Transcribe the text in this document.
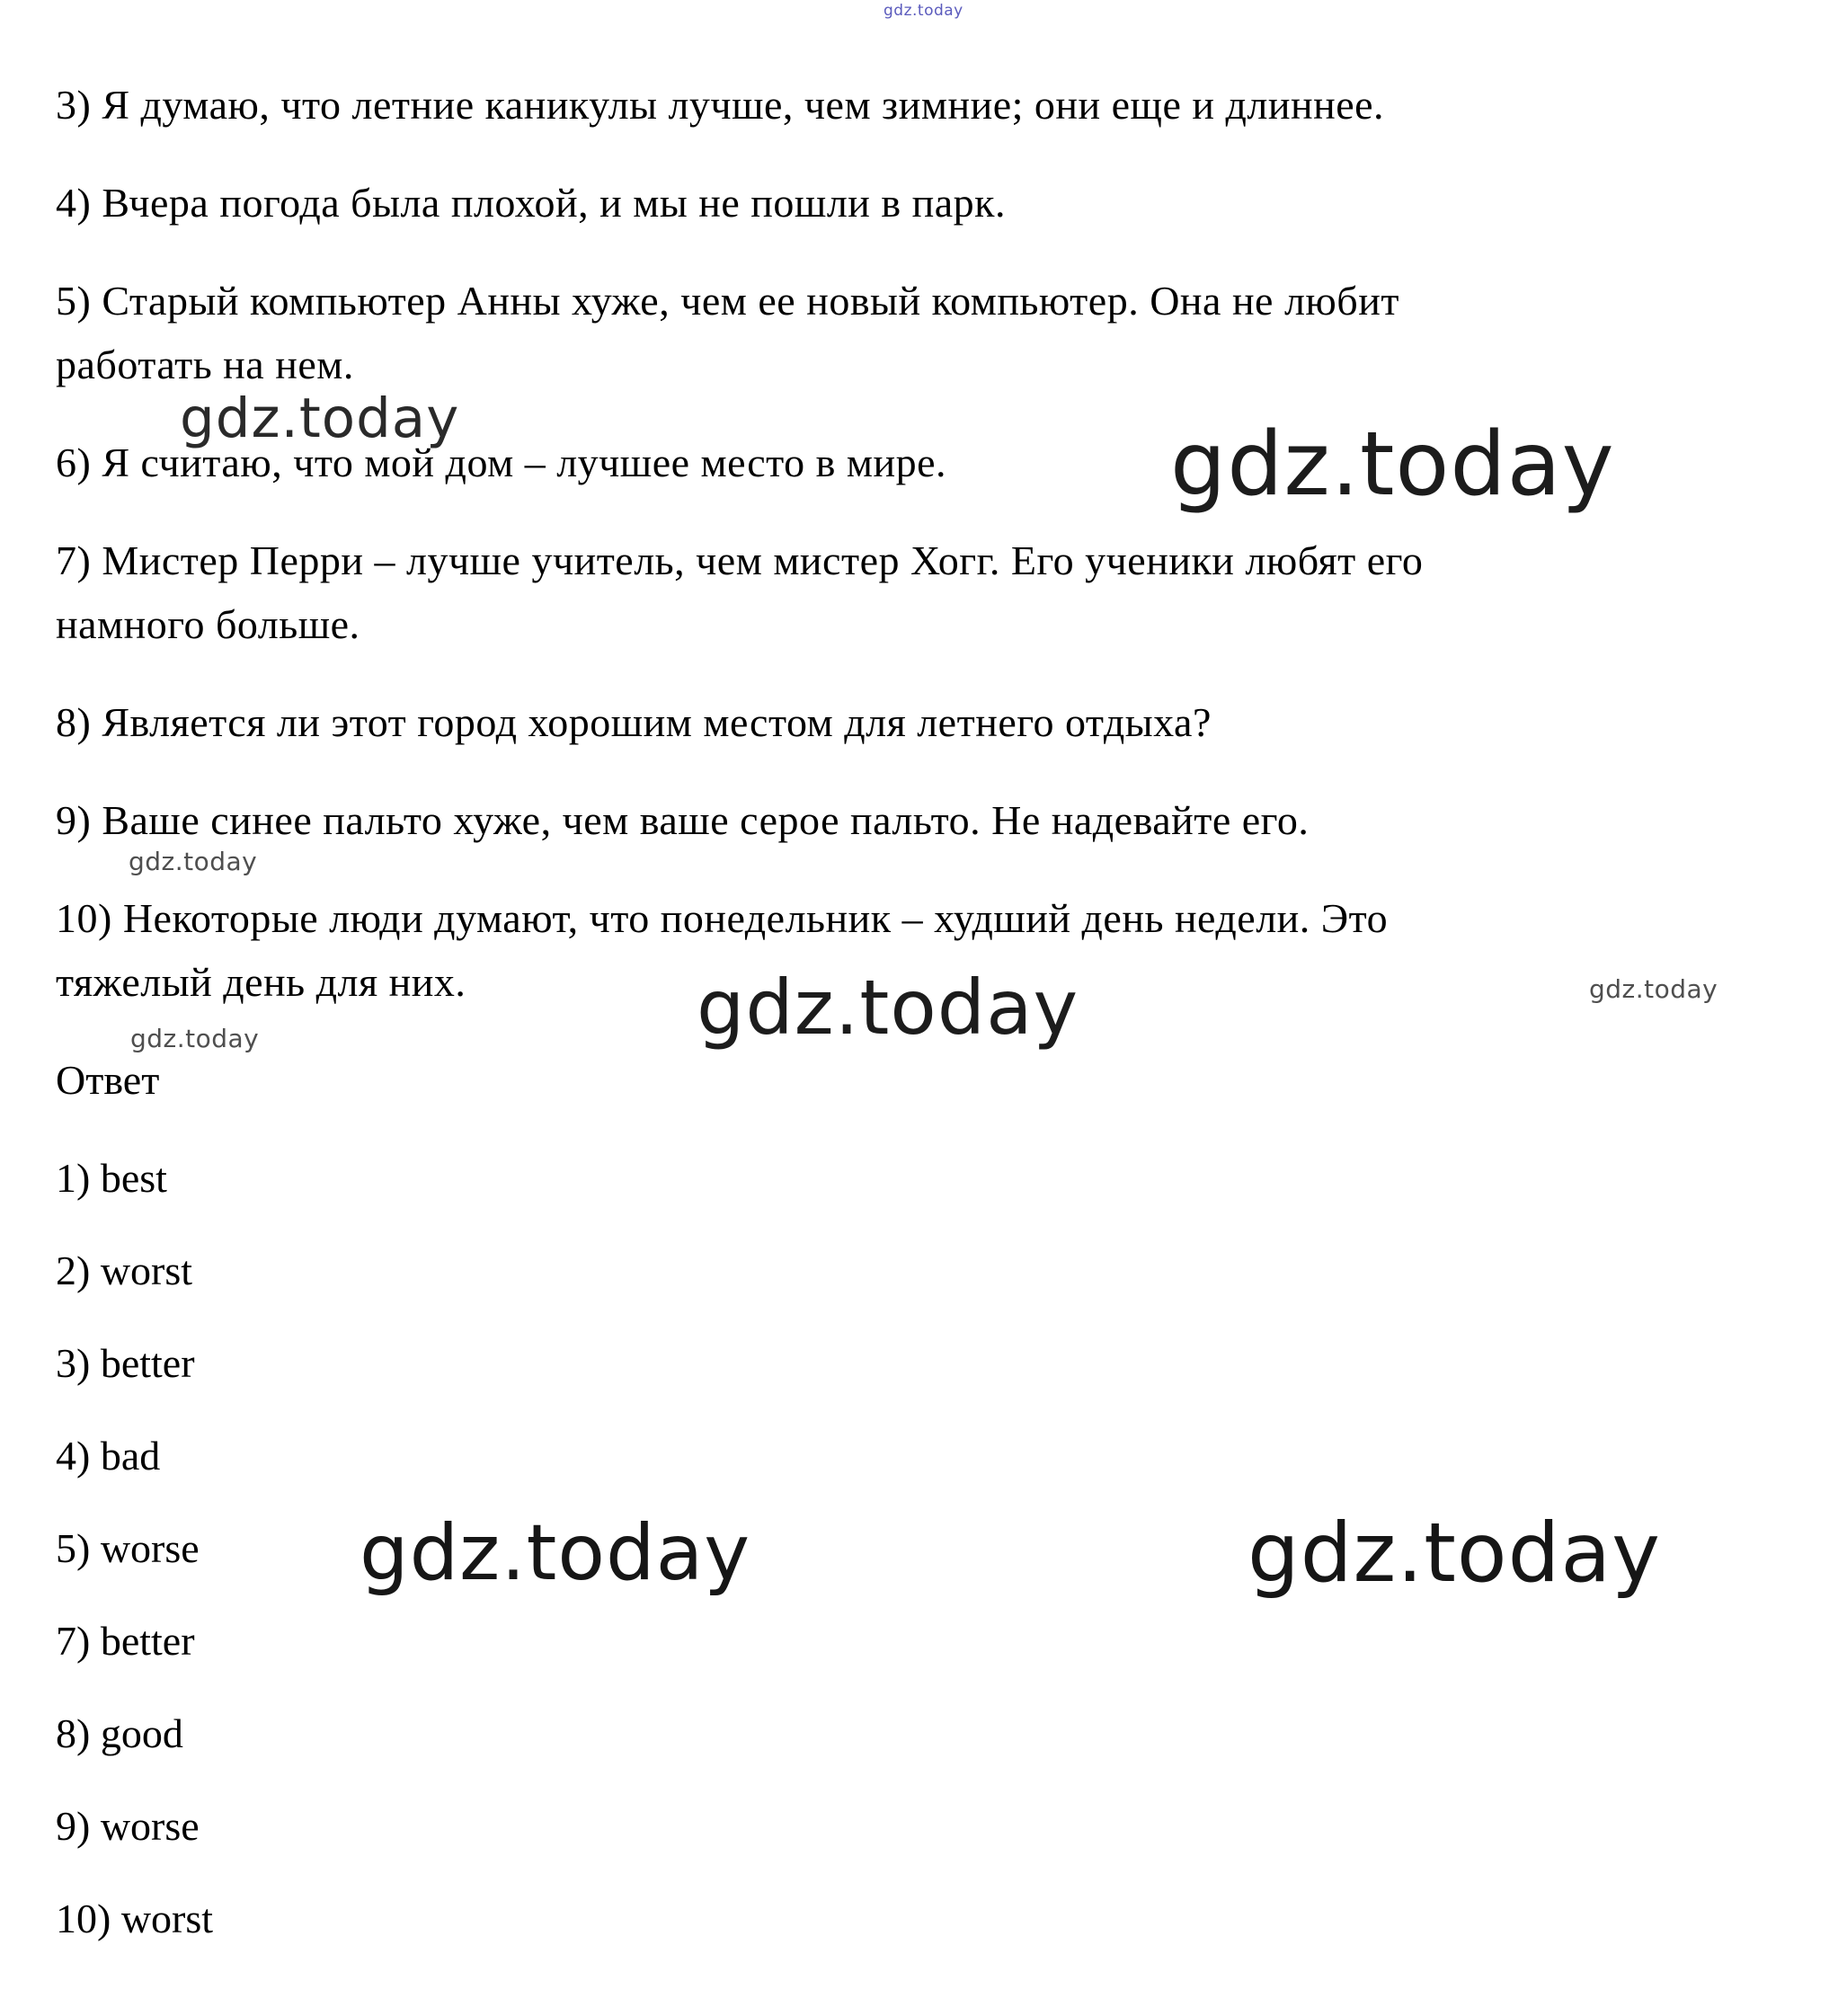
gdz.today
gdz.today	gdz.today
gdz.today
gdz.today	gdz.today
gdz.today
gdz.today	gdz.today
3) Я думаю, что летние каникулы лучше, чем зимние; они еще и длиннее.
4) Вчера погода была плохой, и мы не пошли в парк.
5) Старый компьютер Анны хуже, чем ее новый компьютер. Она не любит
работать на нем.
6) Я считаю, что мой дом – лучшее место в мире.
7) Мистер Перри – лучше учитель, чем мистер Хогг. Его ученики любят его
намного больше.
8) Является ли этот город хорошим местом для летнего отдыха?
9) Ваше синее пальто хуже, чем ваше серое пальто. Не надевайте его.
10) Некоторые люди думают, что понедельник – худший день недели. Это
тяжелый день для них.
Ответ
1) best
2) worst
3) better
4) bad
5) worse
7) better
8) good
9) worse
10) worst
